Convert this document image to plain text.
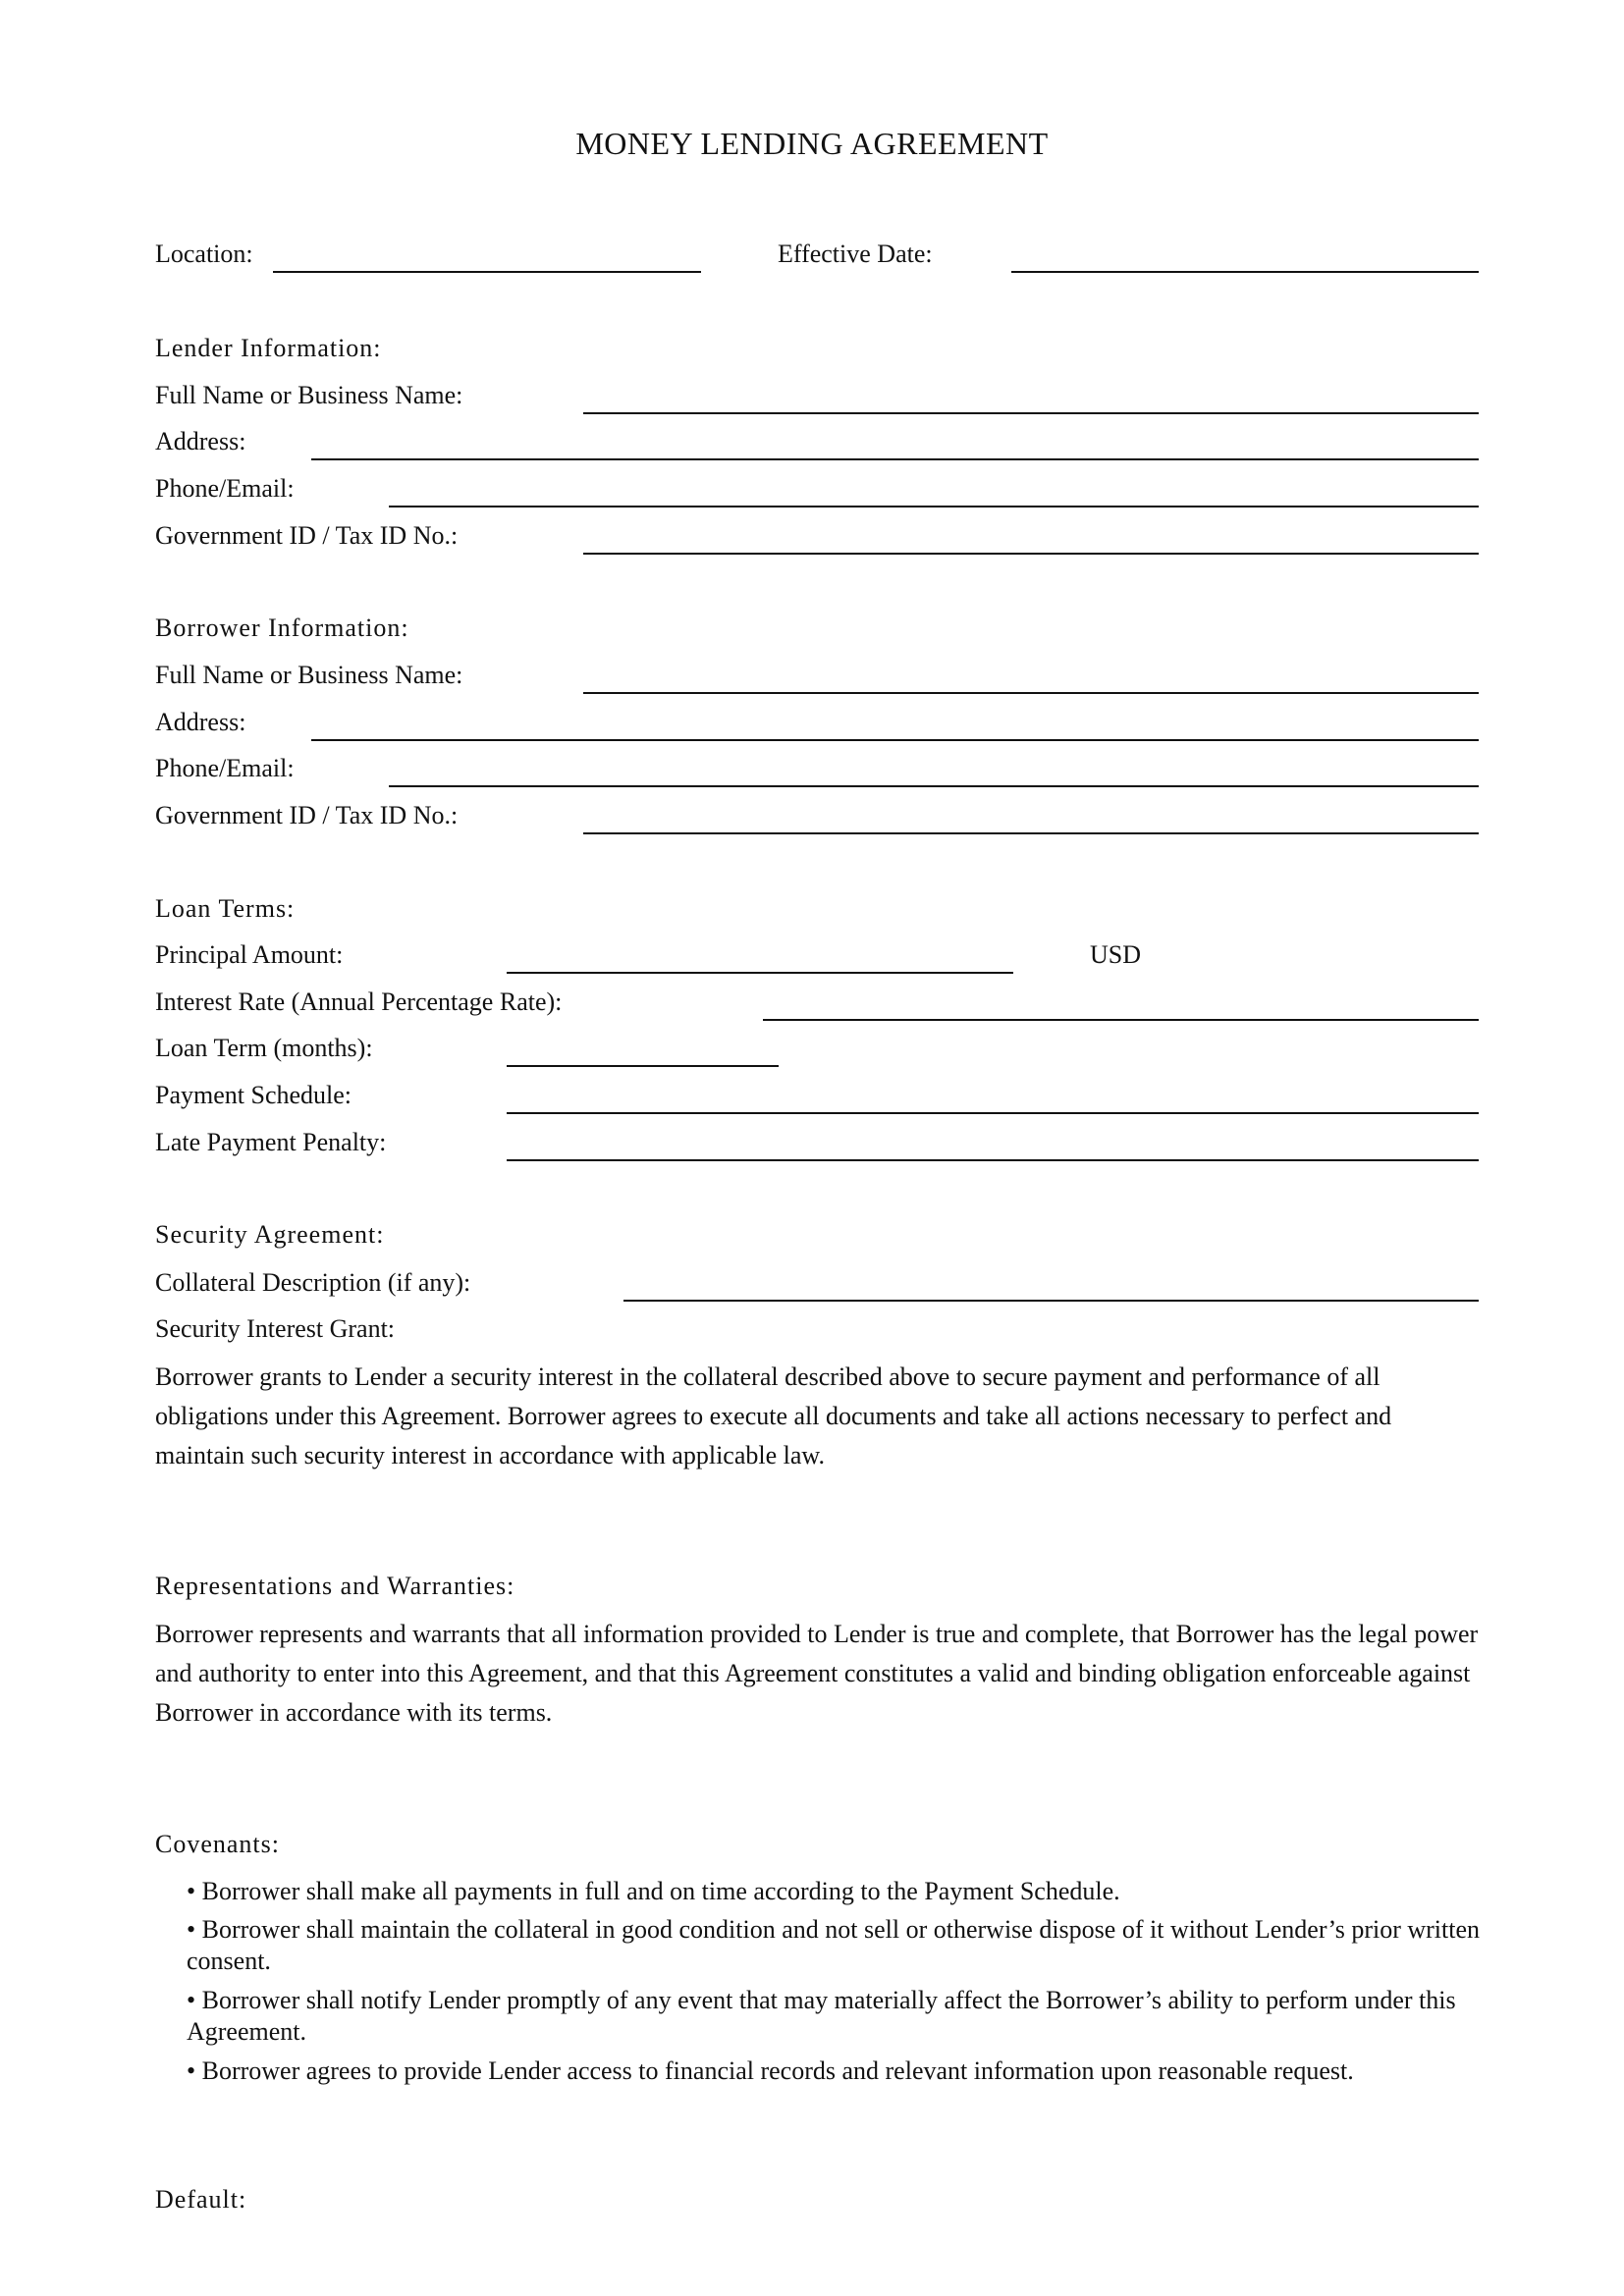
MONEY LENDING AGREEMENT
Location:	Effective Date:
Lender Information:
Full Name or Business Name:
Address:
Phone/Email:
Government ID / Tax ID No.:
Borrower Information:
Full Name or Business Name:
Address:
Phone/Email:
Government ID / Tax ID No.:
Loan Terms:
Principal Amount:	USD
Interest Rate (Annual Percentage Rate):
Loan Term (months):
Payment Schedule:
Late Payment Penalty:
Security Agreement:
Collateral Description (if any):
Security Interest Grant:
Borrower grants to Lender a security interest in the collateral described above to secure payment and performance of all obligations under this Agreement. Borrower agrees to execute all documents and take all actions necessary to perfect and maintain such security interest in accordance with applicable law.
Representations and Warranties:
Borrower represents and warrants that all information provided to Lender is true and complete, that Borrower has the legal power and authority to enter into this Agreement, and that this Agreement constitutes a valid and binding obligation enforceable against Borrower in accordance with its terms.
Covenants:
• Borrower shall make all payments in full and on time according to the Payment Schedule.
• Borrower shall maintain the collateral in good condition and not sell or otherwise dispose of it without Lender’s prior written consent.
• Borrower shall notify Lender promptly of any event that may materially affect the Borrower’s ability to perform under this Agreement.
• Borrower agrees to provide Lender access to financial records and relevant information upon reasonable request.
Default:
